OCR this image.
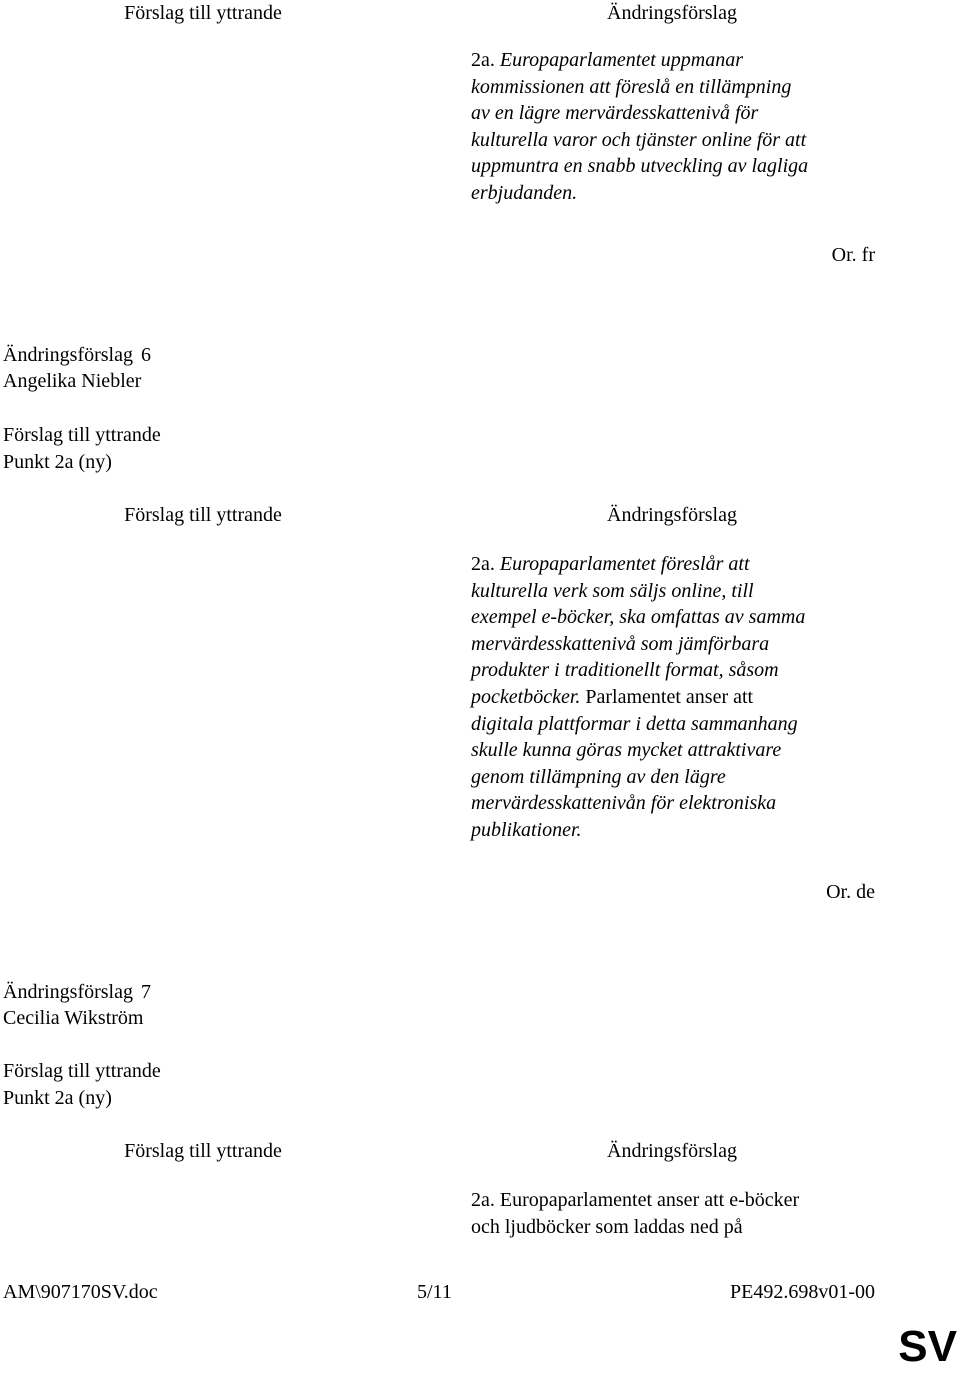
Förslag till yttrande	Ändringsförslag
2a. Europaparlamentet uppmanar
kommissionen att föreslå en tillämpning
av en lägre mervärdesskattenivå för
kulturella varor och tjänster online för att
uppmuntra en snabb utveckling av lagliga
erbjudanden.
Or. fr
Ändringsförslag 6
Angelika Niebler
Förslag till yttrande
Punkt 2a (ny)
Förslag till yttrande	Ändringsförslag
2a. Europaparlamentet föreslår att
kulturella verk som säljs online, till
exempel e-böcker, ska omfattas av samma
mervärdesskattenivå som jämförbara
produkter i traditionellt format, såsom
pocketböcker. Parlamentet anser att
digitala plattformar i detta sammanhang
skulle kunna göras mycket attraktivare
genom tillämpning av den lägre
mervärdesskattenivån för elektroniska
publikationer.
Or. de
Ändringsförslag 7
Cecilia Wikström
Förslag till yttrande
Punkt 2a (ny)
Förslag till yttrande	Ändringsförslag
2a. Europaparlamentet anser att e-böcker
och ljudböcker som laddas ned på
AM\907170SV.doc	5/11	PE492.698v01-00
SV
